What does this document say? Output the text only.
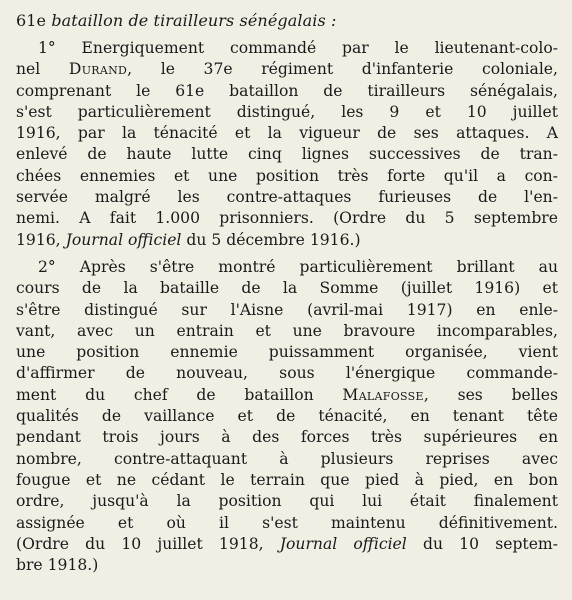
61e bataillon de tirailleurs sénégalais :
1° Energiquement commandé par le lieutenant-colo-
nel Durand, le 37e régiment d'infanterie coloniale,
comprenant le 61e bataillon de tirailleurs sénégalais,
s'est particulièrement distingué, les 9 et 10 juillet
1916, par la ténacité et la vigueur de ses attaques. A
enlevé de haute lutte cinq lignes successives de tran-
chées ennemies et une position très forte qu'il a con-
servée malgré les contre-attaques furieuses de l'en-
nemi. A fait 1.000 prisonniers. (Ordre du 5 septembre
1916, Journal officiel du 5 décembre 1916.)
2° Après s'être montré particulièrement brillant au
cours de la bataille de la Somme (juillet 1916) et
s'être distingué sur l'Aisne (avril-mai 1917) en enle-
vant, avec un entrain et une bravoure incomparables,
une position ennemie puissamment organisée, vient
d'affirmer de nouveau, sous l'énergique commande-
ment du chef de bataillon Malafosse, ses belles
qualités de vaillance et de ténacité, en tenant tête
pendant trois jours à des forces très supérieures en
nombre, contre-attaquant à plusieurs reprises avec
fougue et ne cédant le terrain que pied à pied, en bon
ordre, jusqu'à la position qui lui était finalement
assignée et où il s'est maintenu définitivement.
(Ordre du 10 juillet 1918, Journal officiel du 10 septem-
bre 1918.)
